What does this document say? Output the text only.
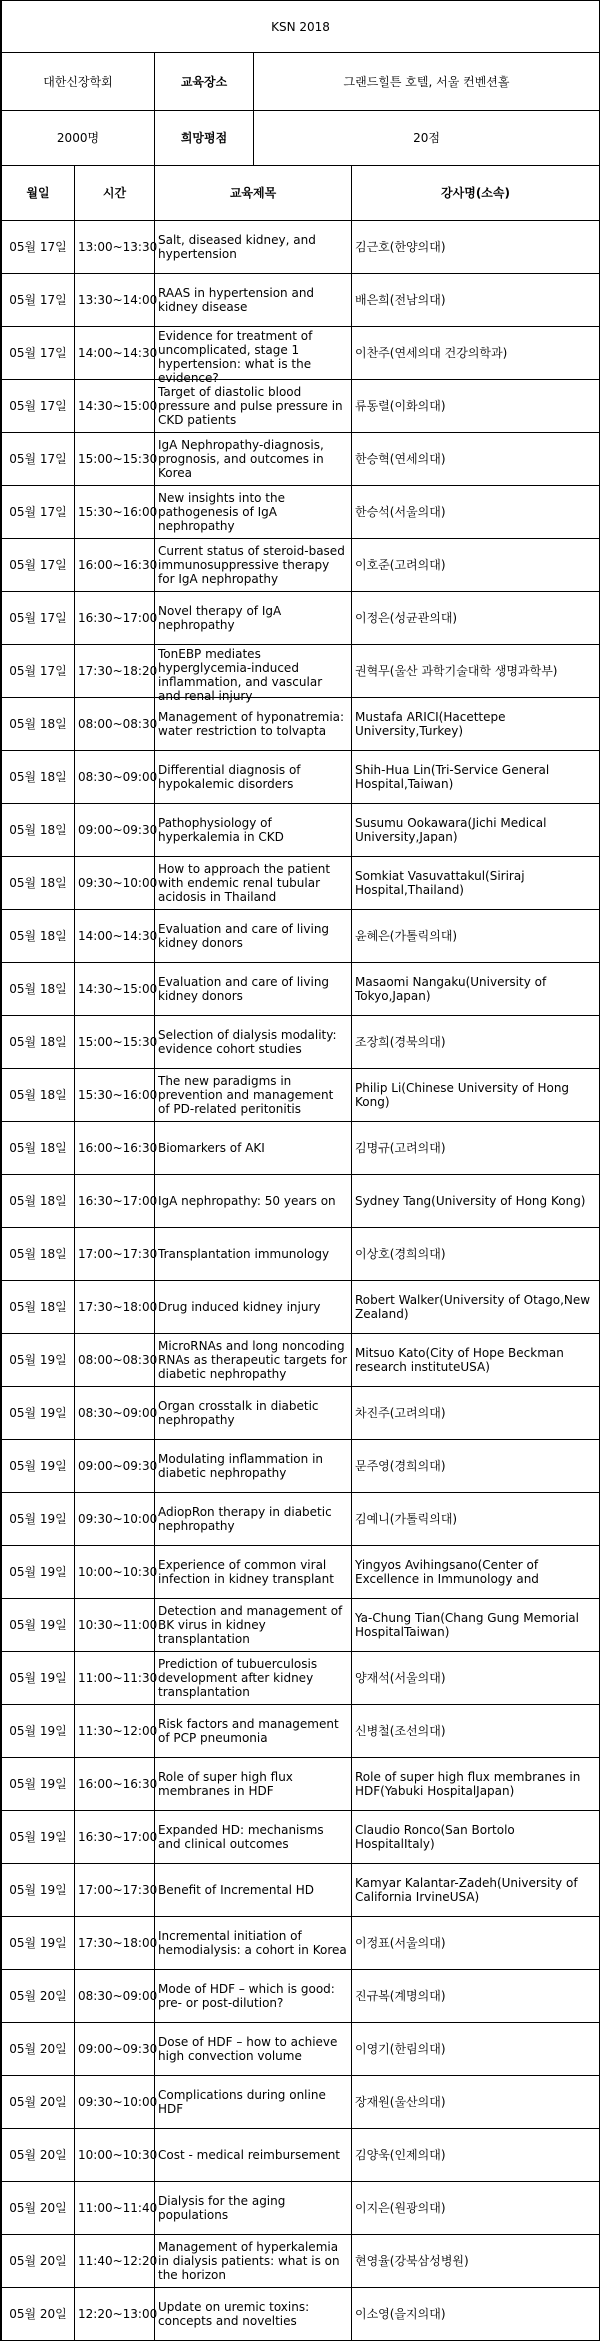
KSN 2018				
대한신장학회		교육장소	그랜드힐튼 호텔, 서울 컨벤션홀	
2000명		희망평점	20점	
월일	시간	교육제목		강사명(소속)

05월 17일	13:00~13:30	Salt, diseased kidney, and hypertension		김근호(한양의대)

05월 17일	13:30~14:00	RAAS in hypertension and kidney disease		배은희(전남의대)

05월 17일	14:00~14:30	Evidence for treatment of uncomplicated, stage 1 hypertension: what is the evidence?		이찬주(연세의대 건강의학과)

05월 17일	14:30~15:00	Target of diastolic blood pressure and pulse pressure in CKD patients		류동렬(이화의대)

05월 17일	15:00~15:30	IgA Nephropathy-diagnosis, prognosis, and outcomes in Korea		한승혁(연세의대)

05월 17일	15:30~16:00	New insights into the pathogenesis of IgA nephropathy		한승석(서울의대)

05월 17일	16:00~16:30	Current status of steroid-based immunosuppressive therapy for IgA nephropathy		이호준(고려의대)

05월 17일	16:30~17:00	Novel therapy of IgA nephropathy		이정은(성균관의대)

05월 17일	17:30~18:20	TonEBP mediates hyperglycemia-induced inflammation, and vascular and renal injury		권혁무(울산 과학기술대학 생명과학부)

05월 18일	08:00~08:30	Management of hyponatremia: water restriction to tolvapta		Mustafa ARICI(Hacettepe University,Turkey)

05월 18일	08:30~09:00	Differential diagnosis of hypokalemic disorders		Shih-Hua Lin(Tri-Service General Hospital,Taiwan)

05월 18일	09:00~09:30	Pathophysiology of hyperkalemia in CKD		Susumu Ookawara(Jichi Medical University,Japan)

05월 18일	09:30~10:00	How to approach the patient with endemic renal tubular acidosis in Thailand		Somkiat Vasuvattakul(Siriraj Hospital,Thailand)

05월 18일	14:00~14:30	Evaluation and care of living kidney donors		윤혜은(가톨릭의대)

05월 18일	14:30~15:00	Evaluation and care of living kidney donors		Masaomi Nangaku(University of Tokyo,Japan)

05월 18일	15:00~15:30	Selection of dialysis modality: evidence cohort studies		조장희(경북의대)

05월 18일	15:30~16:00	The new paradigms in prevention and management of PD-related peritonitis		Philip Li(Chinese University of Hong Kong)

05월 18일	16:00~16:30	Biomarkers of AKI		김명규(고려의대)

05월 18일	16:30~17:00	IgA nephropathy: 50 years on		Sydney Tang(University of Hong Kong)

05월 18일	17:00~17:30	Transplantation immunology		이상호(경희의대)

05월 18일	17:30~18:00	Drug induced kidney injury		Robert Walker(University of Otago,New Zealand)

05월 19일	08:00~08:30	MicroRNAs and long noncoding RNAs as therapeutic targets for diabetic nephropathy		Mitsuo Kato(City of Hope Beckman research instituteUSA)

05월 19일	08:30~09:00	Organ crosstalk in diabetic nephropathy		차진주(고려의대)

05월 19일	09:00~09:30	Modulating inflammation in diabetic nephropathy		문주영(경희의대)

05월 19일	09:30~10:00	AdiopRon therapy in diabetic nephropathy		김예니(가톨릭의대)

05월 19일	10:00~10:30	Experience of common viral infection in kidney transplant		Yingyos Avihingsano(Center of Excellence in Immunology and

05월 19일	10:30~11:00	Detection and management of BK virus in kidney transplantation		Ya-Chung Tian(Chang Gung Memorial HospitalTaiwan)

05월 19일	11:00~11:30	Prediction of tubuerculosis development after kidney transplantation		양재석(서울의대)

05월 19일	11:30~12:00	Risk factors and management of PCP pneumonia		신병철(조선의대)

05월 19일	16:00~16:30	Role of super high flux membranes in HDF		Role of super high flux membranes in HDF(Yabuki HospitalJapan)

05월 19일	16:30~17:00	Expanded HD: mechanisms and clinical outcomes		Claudio Ronco(San Bortolo HospitalItaly)

05월 19일	17:00~17:30	Benefit of Incremental HD		Kamyar Kalantar-Zadeh(University of California IrvineUSA)

05월 19일	17:30~18:00	Incremental initiation of hemodialysis: a cohort in Korea		이정표(서울의대)

05월 20일	08:30~09:00	Mode of HDF – which is good: pre- or post-dilution?		진규복(계명의대)

05월 20일	09:00~09:30	Dose of HDF – how to achieve high convection volume		이영기(한림의대)

05월 20일	09:30~10:00	Complications during online HDF		장재원(울산의대)

05월 20일	10:00~10:30	Cost - medical reimbursement		김양욱(인제의대)

05월 20일	11:00~11:40	Dialysis for the aging populations		이지은(원광의대)

05월 20일	11:40~12:20	Management of hyperkalemia in dialysis patients: what is on the horizon		현영율(강북삼성병원)

05월 20일	12:20~13:00	Update on uremic toxins: concepts and novelties		이소영(을지의대)
